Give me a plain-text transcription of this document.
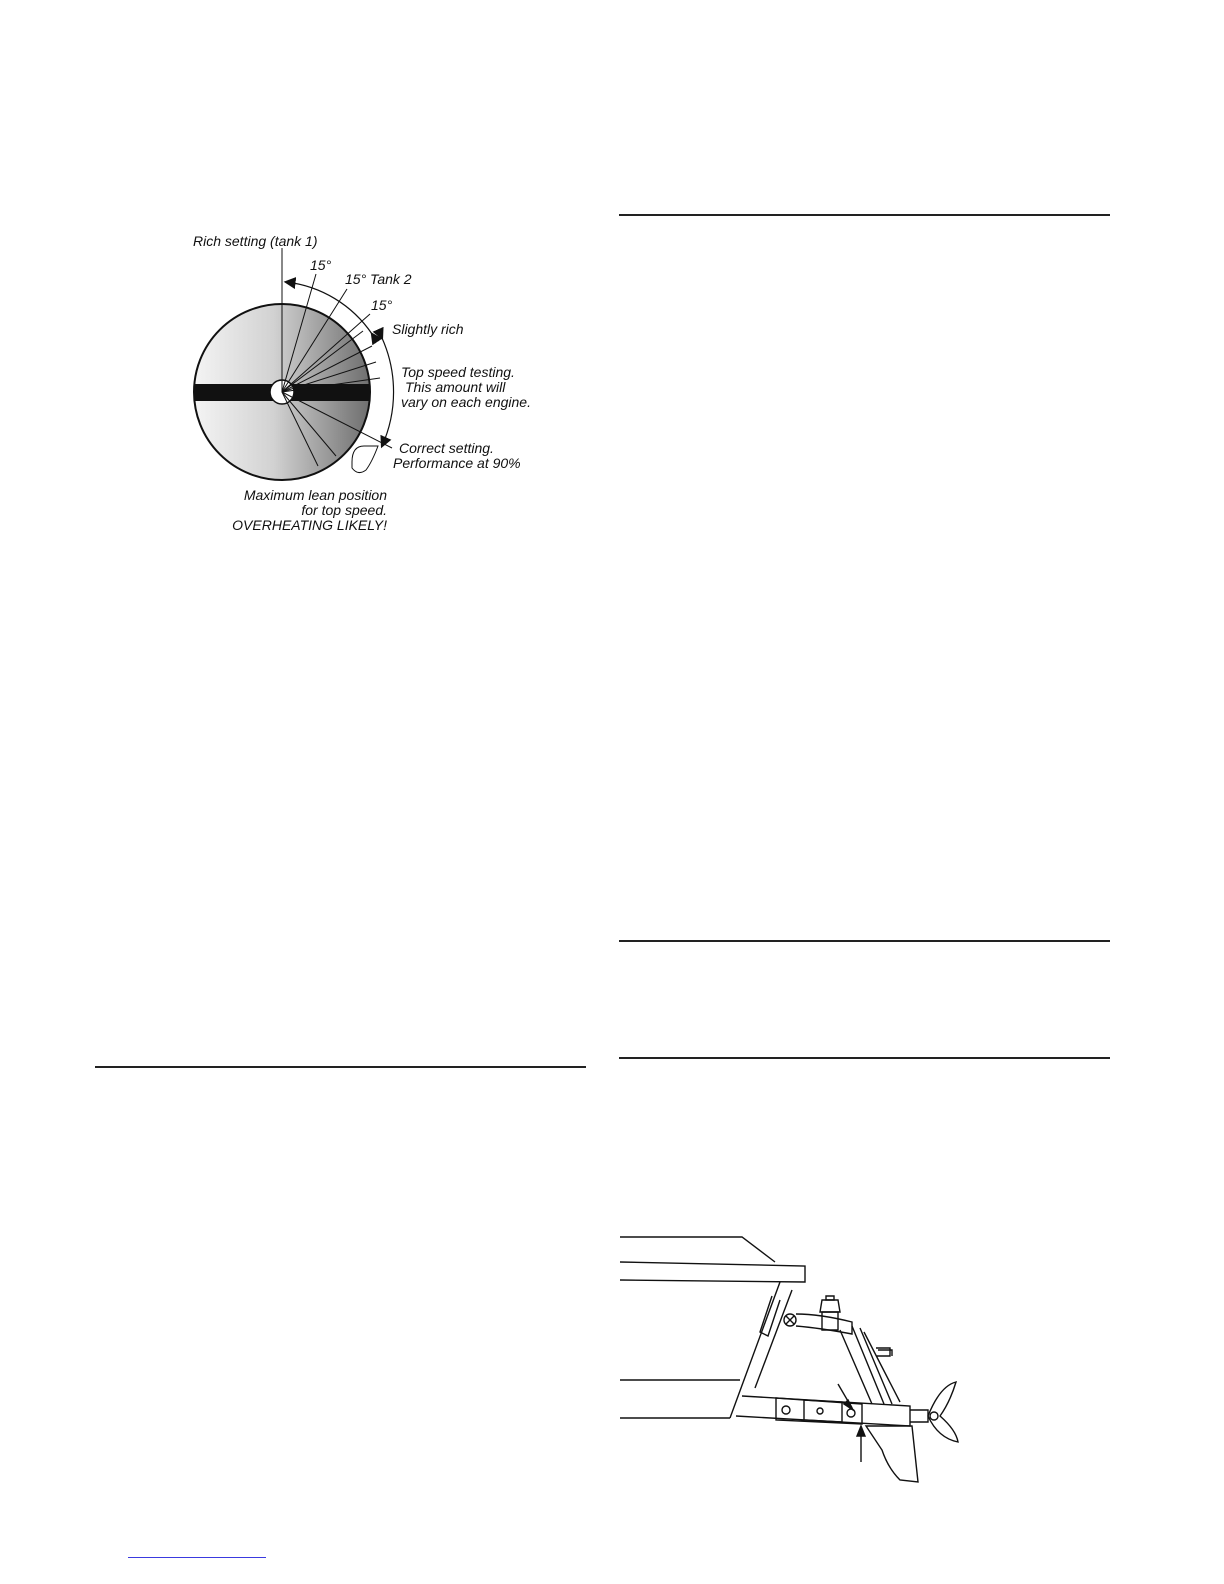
Rich setting (tank 1)
15°
15° Tank 2
15°
Slightly rich
Top speed testing.
This amount will
vary on each engine.
Correct setting.
Performance at 90%
Maximum lean position
for top speed.
OVERHEATING LIKELY!
